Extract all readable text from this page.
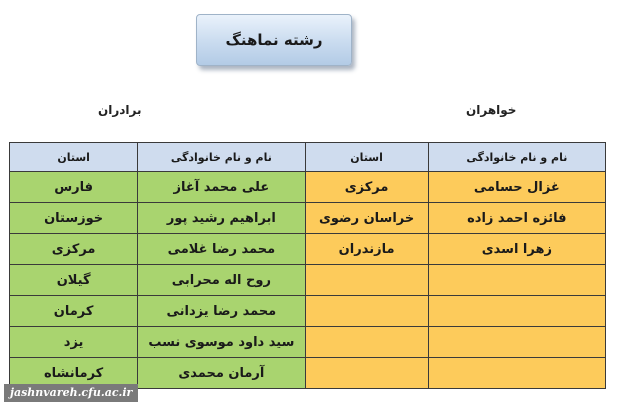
رشته نماهنگ
خواهران
برادران
نام و نام خانوادگی	استان	نام و نام خانوادگی	استان
غزال حسامی	مرکزی	علی محمد آغاز	فارس
فائزه احمد زاده	خراسان رضوی	ابراهیم رشید پور	خوزستان
زهرا اسدی	مازندران	محمد رضا غلامی	مرکزی
		روح اله محرابی	گیلان
		محمد رضا یزدانی	کرمان
		سید داود موسوی نسب	یزد
		آرمان محمدی	کرمانشاه
jashnvareh.cfu.ac.ir
